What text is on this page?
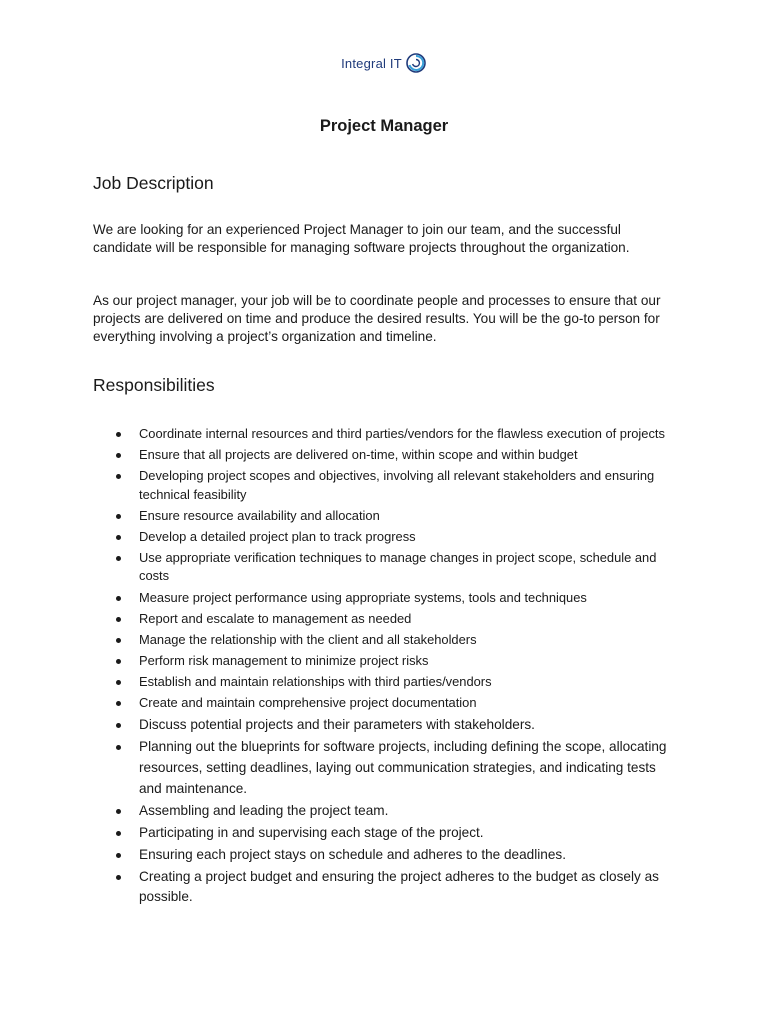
Integral IT
Project Manager
Job Description

We are looking for an experienced Project Manager to join our team, and the successful candidate will be responsible for managing software projects throughout the organization.

As our project manager, your job will be to coordinate people and processes to ensure that our projects are delivered on time and produce the desired results. You will be the go-to person for everything involving a project’s organization and timeline.

Responsibilities
Coordinate internal resources and third parties/vendors for the flawless execution of projects
Ensure that all projects are delivered on-time, within scope and within budget
Developing project scopes and objectives, involving all relevant stakeholders and ensuring technical feasibility
Ensure resource availability and allocation
Develop a detailed project plan to track progress
Use appropriate verification techniques to manage changes in project scope, schedule and costs
Measure project performance using appropriate systems, tools and techniques
Report and escalate to management as needed
Manage the relationship with the client and all stakeholders
Perform risk management to minimize project risks
Establish and maintain relationships with third parties/vendors
Create and maintain comprehensive project documentation
Discuss potential projects and their parameters with stakeholders.
Planning out the blueprints for software projects, including defining the scope, allocating resources, setting deadlines, laying out communication strategies, and indicating tests and maintenance.
Assembling and leading the project team.
Participating in and supervising each stage of the project.
Ensuring each project stays on schedule and adheres to the deadlines.
Creating a project budget and ensuring the project adheres to the budget as closely as possible.
